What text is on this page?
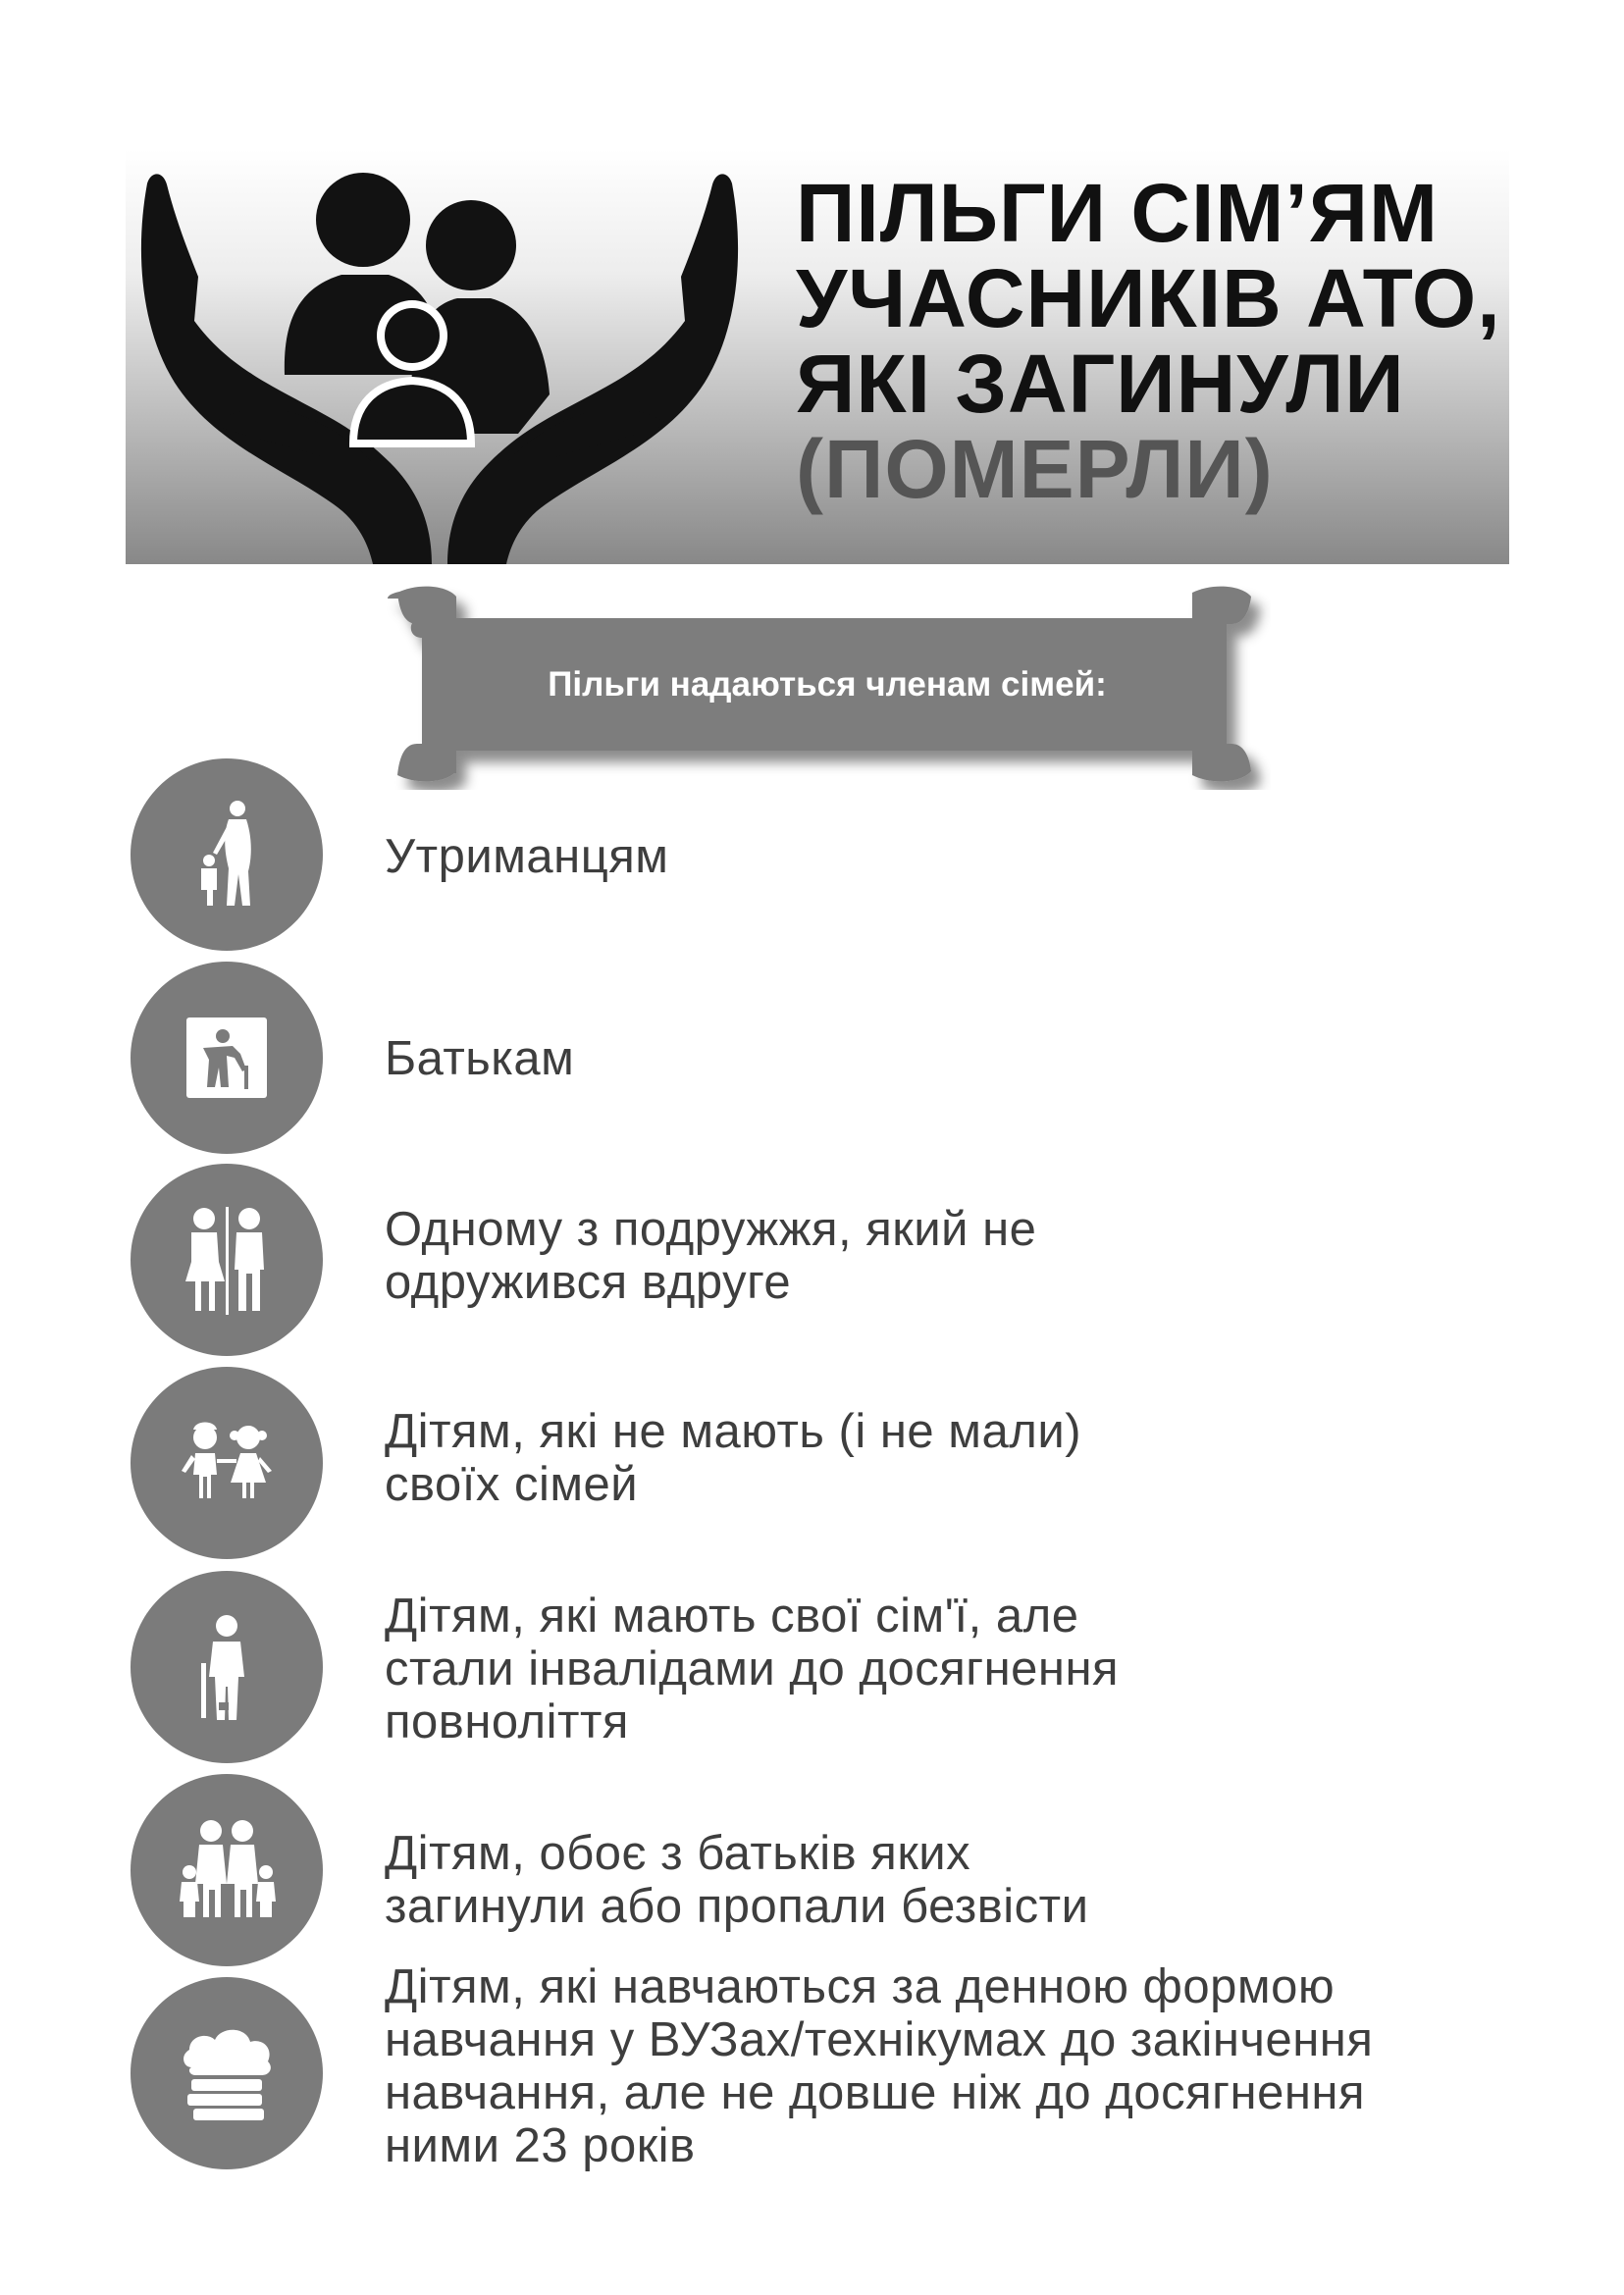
ПІЛЬГИ СІМ’ЯМ
УЧАСНИКІВ АТО,
ЯКІ ЗАГИНУЛИ
(ПОМЕРЛИ)
Пільги надаються членам сімей:
Утриманцям
Батькам
Одному з подружжя, який не
одружився вдруге
Дітям, які не мають (і не мали)
своїх сімей
Дітям, які мають свої сім'ї, але
стали інвалідами до досягнення
повноліття
Дітям, обоє з батьків яких
загинули або пропали безвісти
Дітям, які навчаються за денною формою
навчання у ВУЗах/технікумах до закінчення
навчання, але не довше ніж до досягнення
ними 23 років
